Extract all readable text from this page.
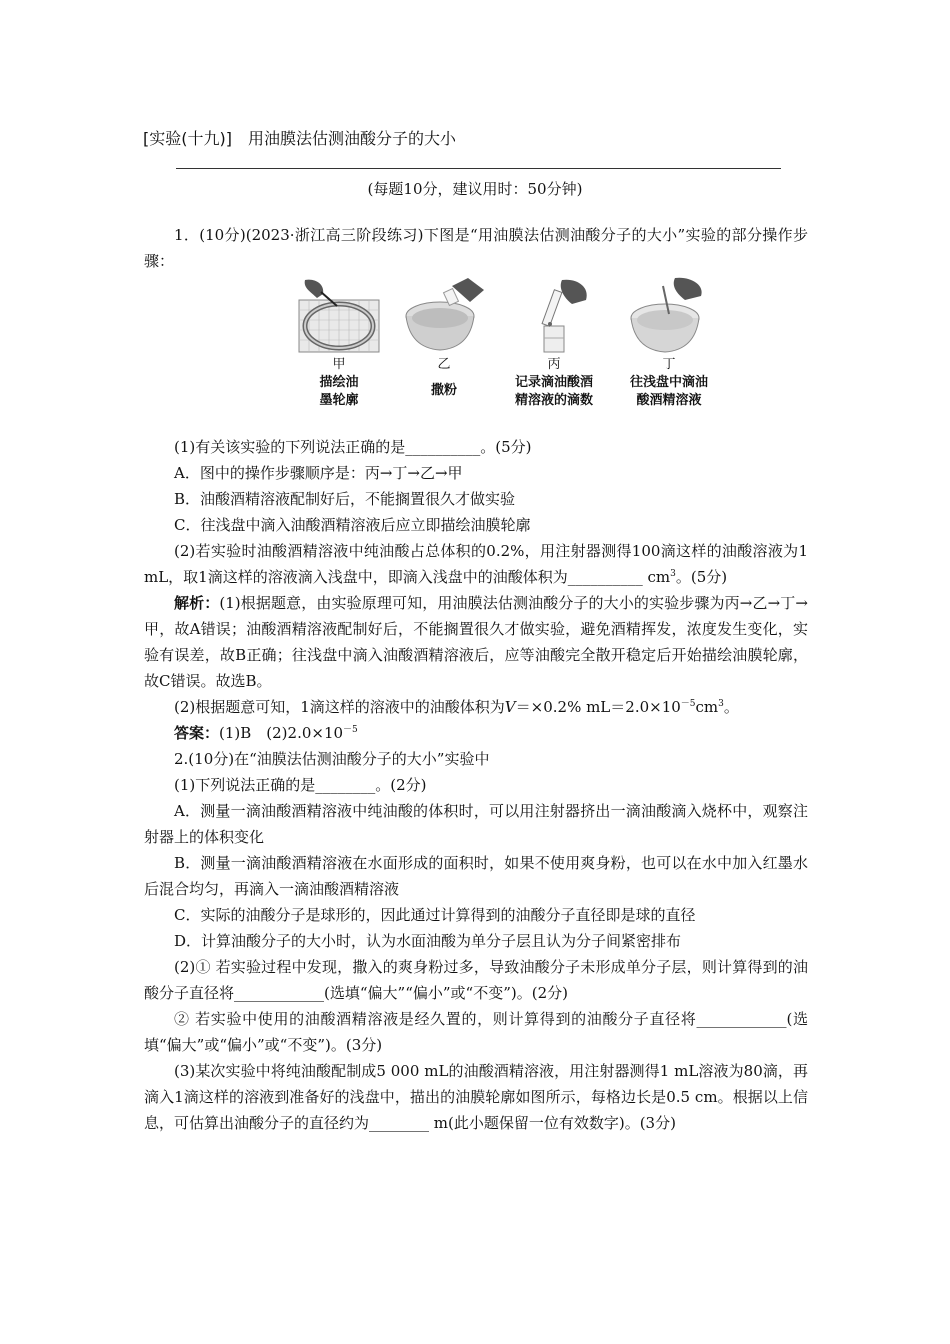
[实验(十九)]　用油膜法估测油酸分子的大小
(每题10分，建议用时：50分钟)

1．(10分)(2023·浙江高三阶段练习)下图是“用油膜法估测油酸分子的大小”实验的部分操作步骤：

甲
描绘油
墨轮廓
乙
撒粉
丙
记录滴油酸酒
精溶液的滴数
丁
往浅盘中滴油
酸酒精溶液

(1)有关该实验的下列说法正确的是__________。(5分)

A．图中的操作步骤顺序是：丙→丁→乙→甲

B．油酸酒精溶液配制好后，不能搁置很久才做实验

C．往浅盘中滴入油酸酒精溶液后应立即描绘油膜轮廓

(2)若实验时油酸酒精溶液中纯油酸占总体积的0.2%，用注射器测得100滴这样的油酸溶液为1 mL，取1滴这样的溶液滴入浅盘中，即滴入浅盘中的油酸体积为__________ $cm^3$。(5分)

解析：(1)根据题意，由实验原理可知，用油膜法估测油酸分子的大小的实验步骤为丙→乙→丁→甲，故A错误；油酸酒精溶液配制好后，不能搁置很久才做实验，避免酒精挥发，浓度发生变化，实验有误差，故B正确；往浅盘中滴入油酸酒精溶液后，应等油酸完全散开稳定后开始描绘油膜轮廓，故C错误。故选B。

(2)根据题意可知，1滴这样的溶液中的油酸体积为V＝×0.2% $mL=2.0\times 10^{-5}cm^3$。

答案：(1)B　$(2)2.0\times 10^{-5}$

2.(10分)在“油膜法估测油酸分子的大小”实验中

(1)下列说法正确的是________。(2分)

A．测量一滴油酸酒精溶液中纯油酸的体积时，可以用注射器挤出一滴油酸滴入烧杯中，观察注射器上的体积变化

B．测量一滴油酸酒精溶液在水面形成的面积时，如果不使用爽身粉，也可以在水中加入红墨水后混合均匀，再滴入一滴油酸酒精溶液

C．实际的油酸分子是球形的，因此通过计算得到的油酸分子直径即是球的直径

D．计算油酸分子的大小时，认为水面油酸为单分子层且认为分子间紧密排布

(2)① 若实验过程中发现，撒入的爽身粉过多，导致油酸分子未形成单分子层，则计算得到的油酸分子直径将____________(选填“偏大”“偏小”或“不变”)。(2分)

② 若实验中使用的油酸酒精溶液是经久置的，则计算得到的油酸分子直径将____________(选填“偏大”或“偏小”或“不变”)。(3分)

(3)某次实验中将纯油酸配制成5 000 mL的油酸酒精溶液，用注射器测得1 mL溶液为80滴，再滴入1滴这样的溶液到准备好的浅盘中，描出的油膜轮廓如图所示，每格边长是0.5 cm。根据以上信息，可估算出油酸分子的直径约为________ m(此小题保留一位有效数字)。(3分)
